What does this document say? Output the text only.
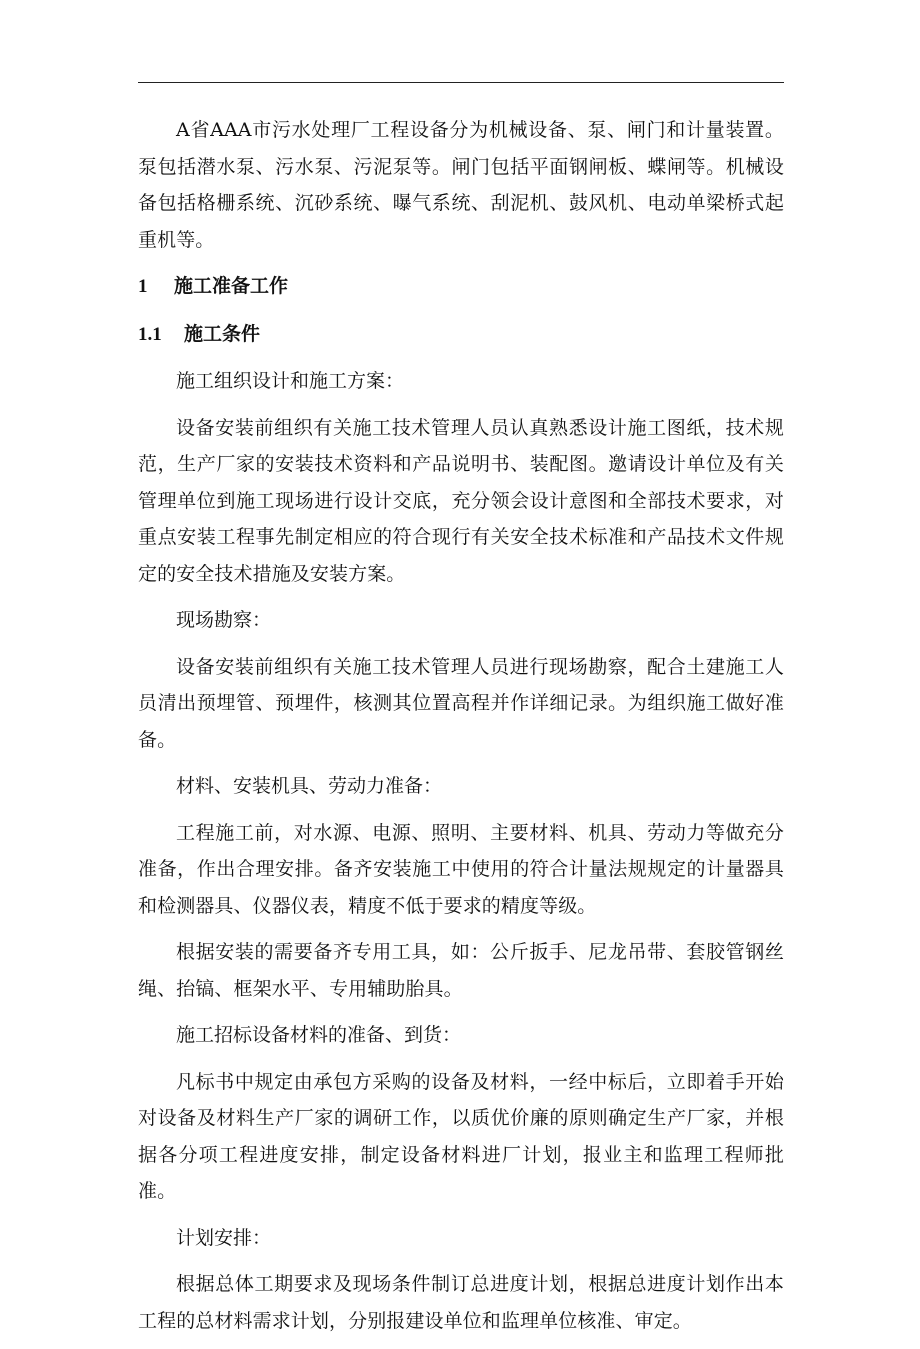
A省AAA市污水处理厂工程设备分为机械设备、泵、闸门和计量装置。泵包括潜水泵、污水泵、污泥泵等。闸门包括平面钢闸板、蝶闸等。机械设备包括格栅系统、沉砂系统、曝气系统、刮泥机、鼓风机、电动单梁桥式起重机等。

1 施工准备工作
1.1 施工条件

施工组织设计和施工方案：

设备安装前组织有关施工技术管理人员认真熟悉设计施工图纸，技术规范，生产厂家的安装技术资料和产品说明书、装配图。邀请设计单位及有关管理单位到施工现场进行设计交底，充分领会设计意图和全部技术要求，对重点安装工程事先制定相应的符合现行有关安全技术标准和产品技术文件规定的安全技术措施及安装方案。

现场勘察：

设备安装前组织有关施工技术管理人员进行现场勘察，配合土建施工人员清出预埋管、预埋件，核测其位置高程并作详细记录。为组织施工做好准备。

材料、安装机具、劳动力准备：

工程施工前，对水源、电源、照明、主要材料、机具、劳动力等做充分准备，作出合理安排。备齐安装施工中使用的符合计量法规规定的计量器具和检测器具、仪器仪表，精度不低于要求的精度等级。

根据安装的需要备齐专用工具，如：公斤扳手、尼龙吊带、套胶管钢丝绳、抬镐、框架水平、专用辅助胎具。

施工招标设备材料的准备、到货：

凡标书中规定由承包方采购的设备及材料，一经中标后，立即着手开始对设备及材料生产厂家的调研工作，以质优价廉的原则确定生产厂家，并根据各分项工程进度安排，制定设备材料进厂计划，报业主和监理工程师批准。

计划安排：

根据总体工期要求及现场条件制订总进度计划，根据总进度计划作出本工程的总材料需求计划，分别报建设单位和监理单位核准、审定。
